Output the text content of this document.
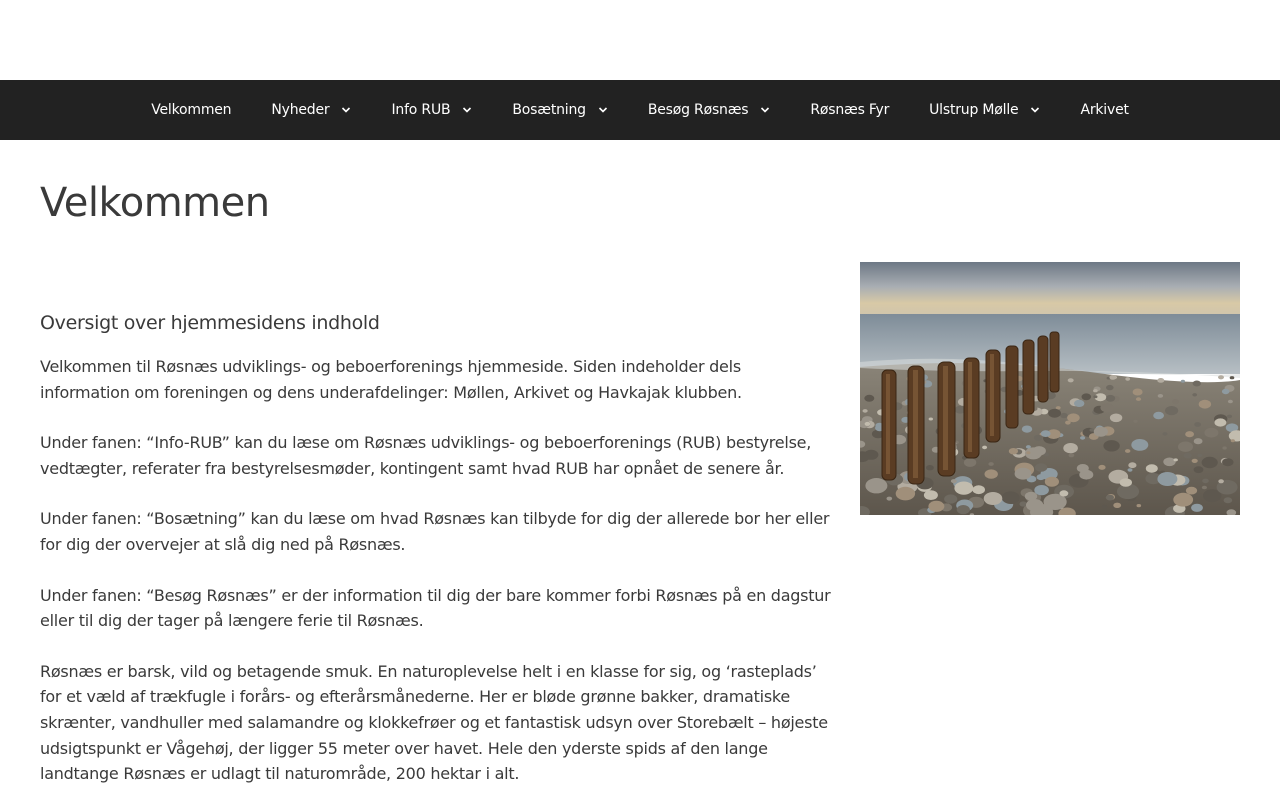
Velkommen	Nyheder	Info RUB	Bosætning	Besøg Røsnæs	Røsnæs Fyr	Ulstrup Mølle	Arkivet
Velkommen
Oversigt over hjemmesidens indhold

Velkommen til Røsnæs udviklings- og beboerforenings hjemmeside. Siden indeholder dels information om foreningen og dens underafdelinger: Møllen, Arkivet og Havkajak klubben.

Under fanen: “Info-RUB” kan du læse om Røsnæs udviklings- og beboerforenings (RUB) bestyrelse, vedtægter, referater fra bestyrelsesmøder, kontingent samt hvad RUB har opnået de senere år.

Under fanen: “Bosætning” kan du læse om hvad Røsnæs kan tilbyde for dig der allerede bor her eller for dig der overvejer at slå dig ned på Røsnæs.

Under fanen: “Besøg Røsnæs” er der information til dig der bare kommer forbi Røsnæs på en dagstur eller til dig der tager på længere ferie til Røsnæs.

Røsnæs er barsk, vild og betagende smuk. En naturoplevelse helt i en klasse for sig, og ‘rasteplads’ for et væld af trækfugle i forårs- og efterårsmånederne. Her er bløde grønne bakker, dramatiske skrænter, vandhuller med salamandre og klokkefrøer og et fantastisk udsyn over Storebælt – højeste udsigtspunkt er Vågehøj, der ligger 55 meter over havet. Hele den yderste spids af den lange landtange Røsnæs er udlagt til naturområde, 200 hektar i alt.
